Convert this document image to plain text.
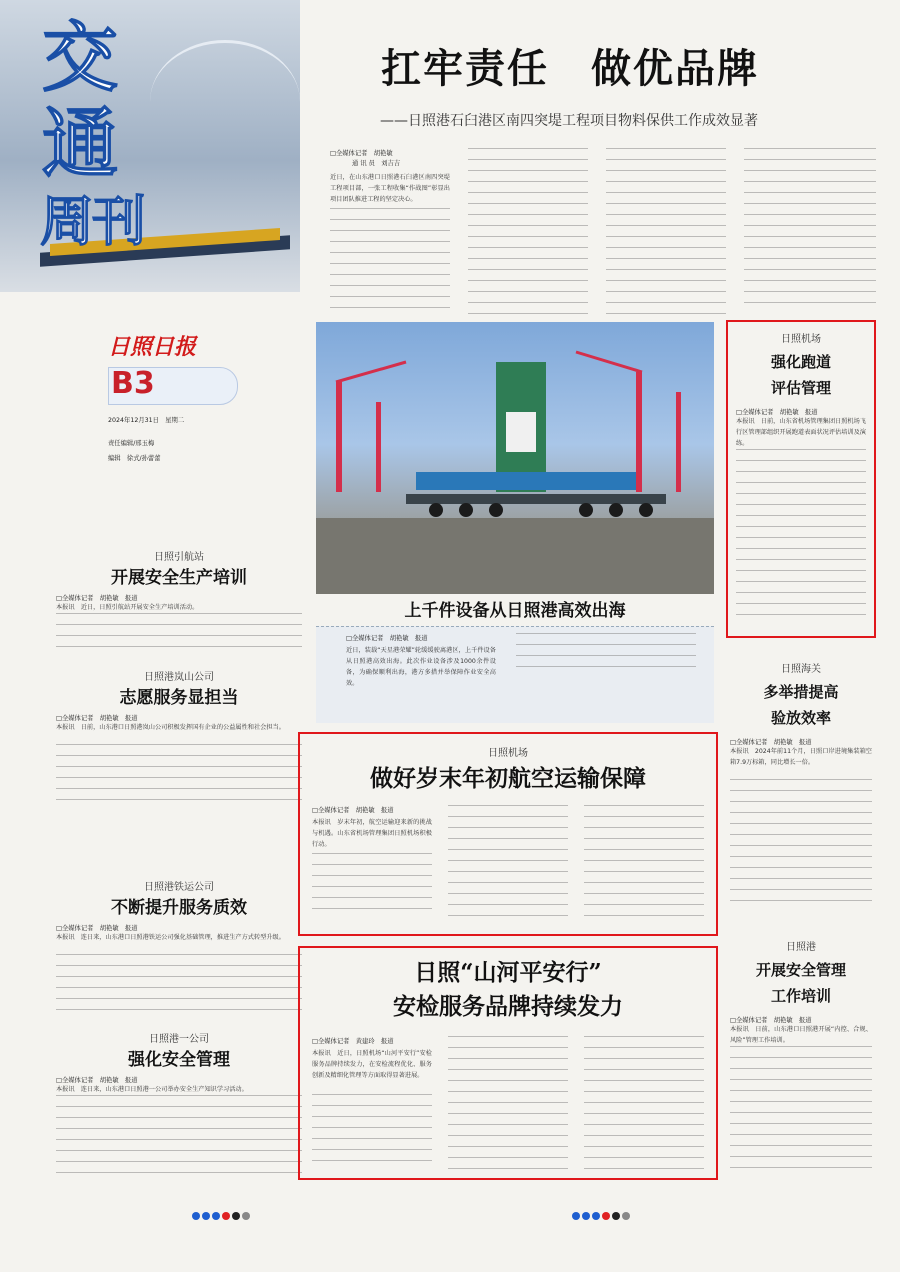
交
通
周刊
日照日报
B3
2024年12月31日　星期二
责任编辑/邢玉梅
编辑　徐式/孙蕾蕾
扛牢责任　做优品牌
——日照港石臼港区南四突堤工程项目物料保供工作成效显著
□全媒体记者　胡艳敏
通 讯 员　刘吉吉
近日，在山东港口日照港石臼港区南四突堤工程项目部，一张工程收集“作战图”彰显出项目团队推进工程的坚定决心。
上千件设备从日照港高效出海
□全媒体记者　胡艳敏　报道
近日，装载“天星港荣耀”轮缓缓驶离港区，上千件设备从日照港高效出海。此次作业设备涉及1000余件设备，为确保顺利出海，港方多措并举保障作业安全高效。
日照引航站
开展安全生产培训
□全媒体记者　胡艳敏　报道
本报讯　近日，日照引航站开展安全生产培训活动。
日照港岚山公司
志愿服务显担当
□全媒体记者　胡艳敏　报道
本报讯　日前，山东港口日照港岚山公司积极发挥国有企业的公益属性和社会担当。
日照港铁运公司
不断提升服务质效
□全媒体记者　胡艳敏　报道
本报讯　连日来，山东港口日照港铁运公司强化基础管理，推进生产方式转型升级。
日照港一公司
强化安全管理
□全媒体记者　胡艳敏　报道
本报讯　连日来，山东港口日照港一公司举办安全生产知识学习活动。
日照机场
强化跑道
评估管理
□全媒体记者　胡艳敏　报道
本报讯　日前，山东省机场管理集团日照机场飞行区管理部组织开展跑道表面状况评估培训及演练。
日照海关
多举措提高
验放效率
□全媒体记者　胡艳敏　报道
本报讯　2024年前11个月，日照口岸进境集装箱空箱7.9万标箱，同比增长一倍。
日照港
开展安全管理
工作培训
□全媒体记者　胡艳敏　报道
本报讯　日前，山东港口日照港开展“内控、合规、风险”管理工作培训。
日照机场
做好岁末年初航空运输保障
□全媒体记者　胡艳敏　报道
本报讯　岁末年初，航空运输迎来新的挑战与机遇。山东省机场管理集团日照机场积极行动。
日照“山河平安行”
安检服务品牌持续发力
□全媒体记者　黄建玲　报道
本报讯　近日，日照机场“山河平安行”安检服务品牌持续发力，在安检流程优化、服务创新及精细化管理等方面取得显著进展。
